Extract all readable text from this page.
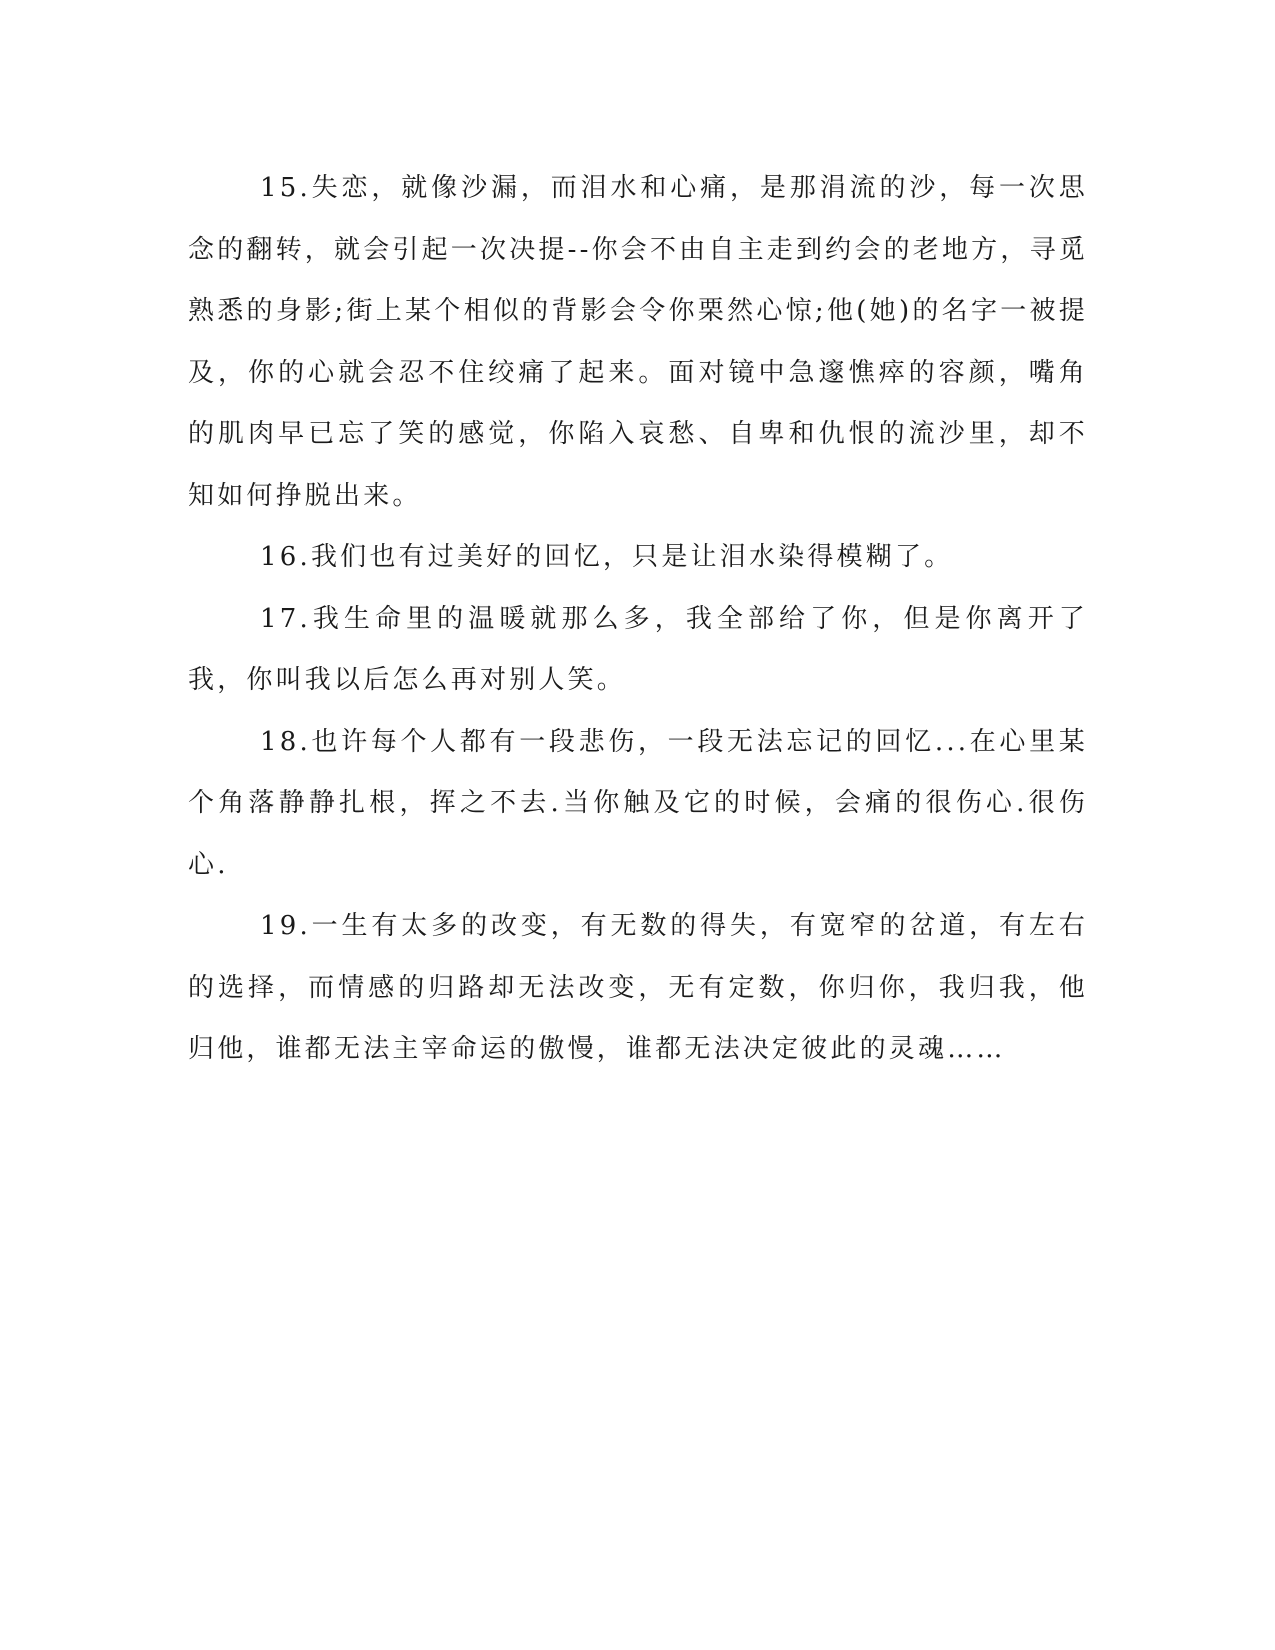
15.失恋，就像沙漏，而泪水和心痛，是那涓流的沙，每一次思念的翻转，就会引起一次决提--你会不由自主走到约会的老地方，寻觅熟悉的身影;街上某个相似的背影会令你栗然心惊;他(她)的名字一被提及，你的心就会忍不住绞痛了起来。面对镜中急邃憔瘁的容颜，嘴角的肌肉早已忘了笑的感觉，你陷入哀愁、自卑和仇恨的流沙里，却不知如何挣脱出来。

16.我们也有过美好的回忆，只是让泪水染得模糊了。

17.我生命里的温暖就那么多，我全部给了你，但是你离开了我，你叫我以后怎么再对别人笑。

18.也许每个人都有一段悲伤，一段无法忘记的回忆...在心里某个角落静静扎根，挥之不去.当你触及它的时候，会痛的很伤心.很伤心.

19.一生有太多的改变，有无数的得失，有宽窄的岔道，有左右的选择，而情感的归路却无法改变，无有定数，你归你，我归我，他归他，谁都无法主宰命运的傲慢，谁都无法决定彼此的灵魂……
